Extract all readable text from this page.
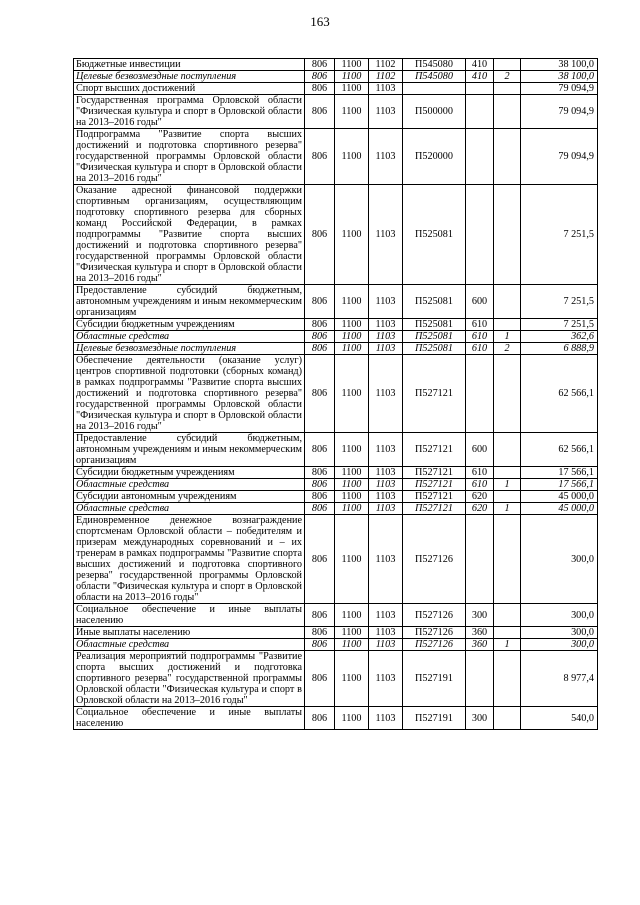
163
Бюджетные инвестиции	806	1100	1102	П545080	410		38 100,0
Целевые безвозмездные поступления	806	1100	1102	П545080	410	2	38 100,0
Спорт высших достижений	806	1100	1103				79 094,9
Государственная программа Орловской области "Физическая культура и спорт в Орловской области на 2013–2016 годы"	806	1100	1103	П500000			79 094,9
Подпрограмма "Развитие спорта высших достижений и подготовка спортивного резерва" государственной программы Орловской области "Физическая культура и спорт в Орловской области на 2013–2016 годы"	806	1100	1103	П520000			79 094,9
Оказание адресной финансовой поддержки спортивным организациям, осуществляющим подготовку спортивного резерва для сборных команд Российской Федерации, в рамках подпрограммы "Развитие спорта высших достижений и подготовка спортивного резерва" государственной программы Орловской области "Физическая культура и спорт в Орловской области на 2013–2016 годы"	806	1100	1103	П525081			7 251,5
Предоставление субсидий бюджетным, автономным учреждениям и иным некоммерческим организациям	806	1100	1103	П525081	600		7 251,5
Субсидии бюджетным учреждениям	806	1100	1103	П525081	610		7 251,5
Областные средства	806	1100	1103	П525081	610	1	362,6
Целевые безвозмездные поступления	806	1100	1103	П525081	610	2	6 888,9
Обеспечение деятельности (оказание услуг) центров спортивной подготовки (сборных команд) в рамках подпрограммы "Развитие спорта высших достижений и подготовка спортивного резерва" государственной программы Орловской области "Физическая культура и спорт в Орловской области на 2013–2016 годы"	806	1100	1103	П527121			62 566,1
Предоставление субсидий бюджетным, автономным учреждениям и иным некоммерческим организациям	806	1100	1103	П527121	600		62 566,1
Субсидии бюджетным учреждениям	806	1100	1103	П527121	610		17 566,1
Областные средства	806	1100	1103	П527121	610	1	17 566,1
Субсидии автономным учреждениям	806	1100	1103	П527121	620		45 000,0
Областные средства	806	1100	1103	П527121	620	1	45 000,0
Единовременное денежное вознаграждение спортсменам Орловской области – победителям и призерам международных соревнований и – их тренерам в рамках подпрограммы "Развитие спорта высших достижений и подготовка спортивного резерва" государственной программы Орловской области "Физическая культура и спорт в Орловской области на 2013–2016 годы"	806	1100	1103	П527126			300,0
Социальное обеспечение и иные выплаты населению	806	1100	1103	П527126	300		300,0
Иные выплаты населению	806	1100	1103	П527126	360		300,0
Областные средства	806	1100	1103	П527126	360	1	300,0
Реализация мероприятий подпрограммы "Развитие спорта высших достижений и подготовка спортивного резерва" государственной программы Орловской области "Физическая культура и спорт в Орловской области на 2013–2016 годы"	806	1100	1103	П527191			8 977,4
Социальное обеспечение и иные выплаты населению	806	1100	1103	П527191	300		540,0
